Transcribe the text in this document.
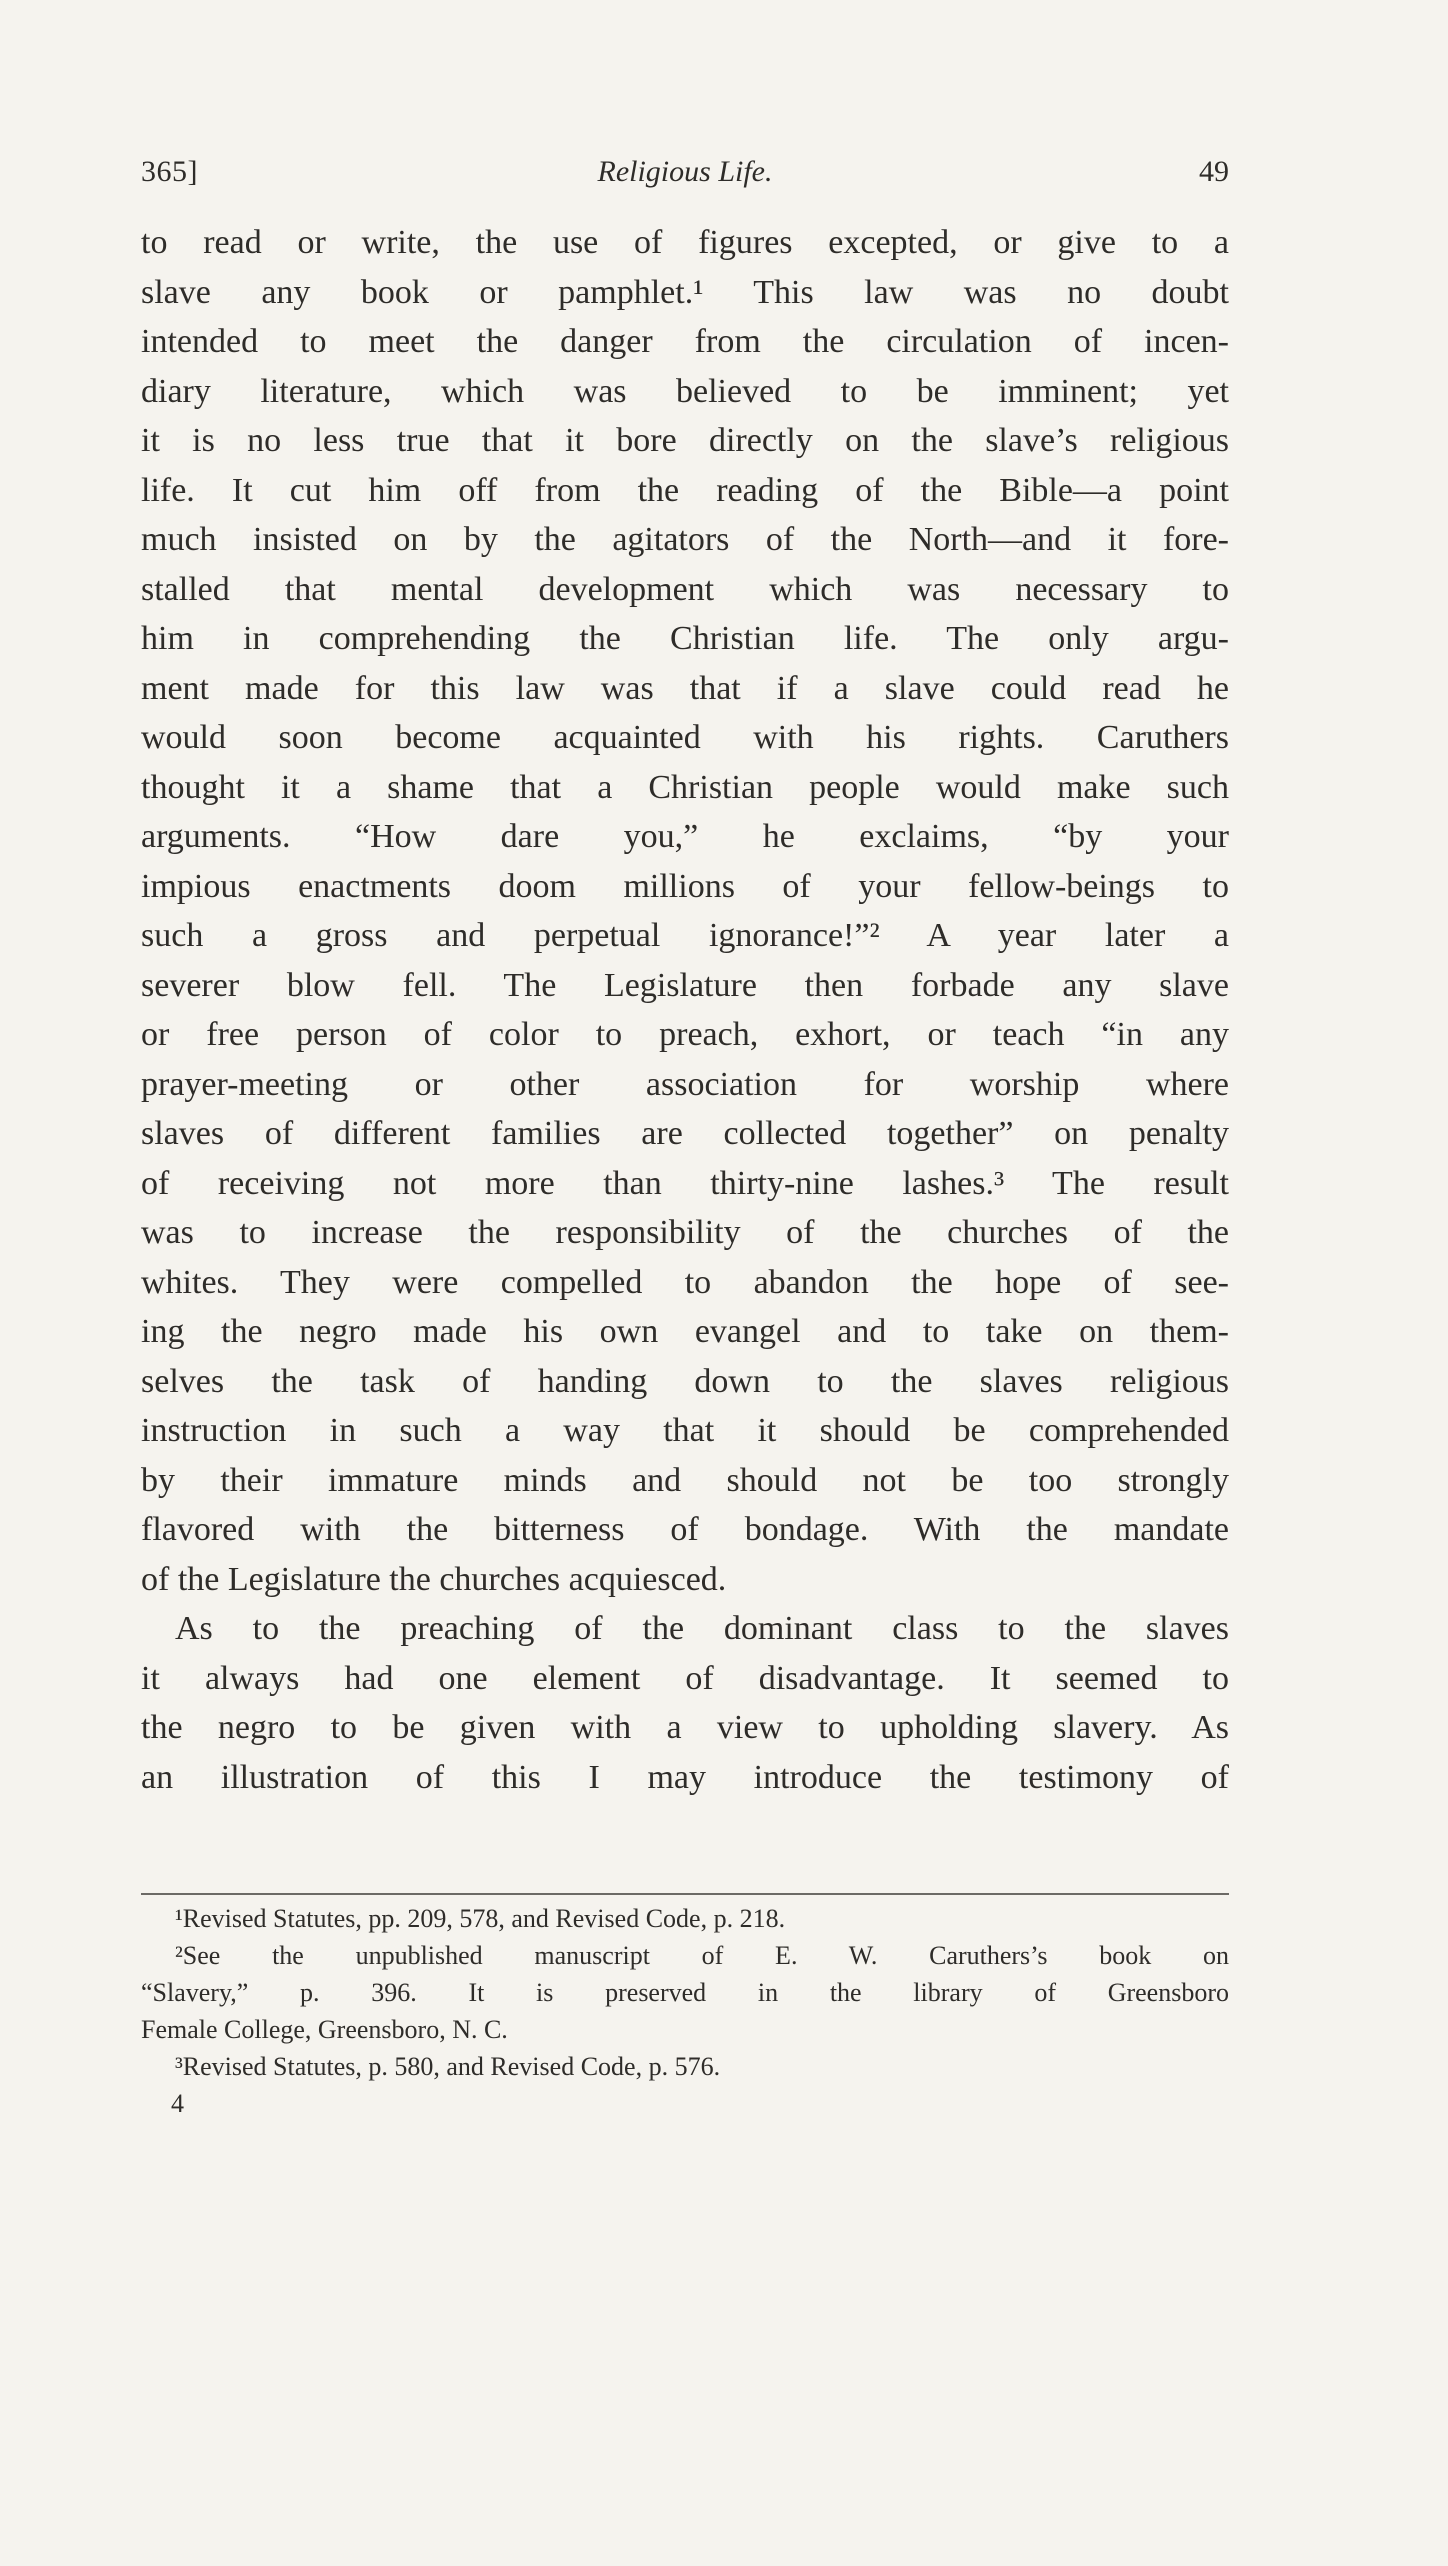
365]	Religious Life.	49
to read or write, the use of figures excepted, or give to a
slave any book or pamphlet.¹ This law was no doubt
intended to meet the danger from the circulation of incen-
diary literature, which was believed to be imminent; yet
it is no less true that it bore directly on the slave’s religious
life. It cut him off from the reading of the Bible—a point
much insisted on by the agitators of the North—and it fore-
stalled that mental development which was necessary to
him in comprehending the Christian life. The only argu-
ment made for this law was that if a slave could read he
would soon become acquainted with his rights. Caruthers
thought it a shame that a Christian people would make such
arguments. “How dare you,” he exclaims, “by your
impious enactments doom millions of your fellow-beings to
such a gross and perpetual ignorance!”² A year later a
severer blow fell. The Legislature then forbade any slave
or free person of color to preach, exhort, or teach “in any
prayer-meeting or other association for worship where
slaves of different families are collected together” on penalty
of receiving not more than thirty-nine lashes.³ The result
was to increase the responsibility of the churches of the
whites. They were compelled to abandon the hope of see-
ing the negro made his own evangel and to take on them-
selves the task of handing down to the slaves religious
instruction in such a way that it should be comprehended
by their immature minds and should not be too strongly
flavored with the bitterness of bondage. With the mandate
of the Legislature the churches acquiesced.
As to the preaching of the dominant class to the slaves
it always had one element of disadvantage. It seemed to
the negro to be given with a view to upholding slavery. As
an illustration of this I may introduce the testimony of
¹Revised Statutes, pp. 209, 578, and Revised Code, p. 218.
²See the unpublished manuscript of E. W. Caruthers’s book on
“Slavery,” p. 396. It is preserved in the library of Greensboro
Female College, Greensboro, N. C.
³Revised Statutes, p. 580, and Revised Code, p. 576.
4
